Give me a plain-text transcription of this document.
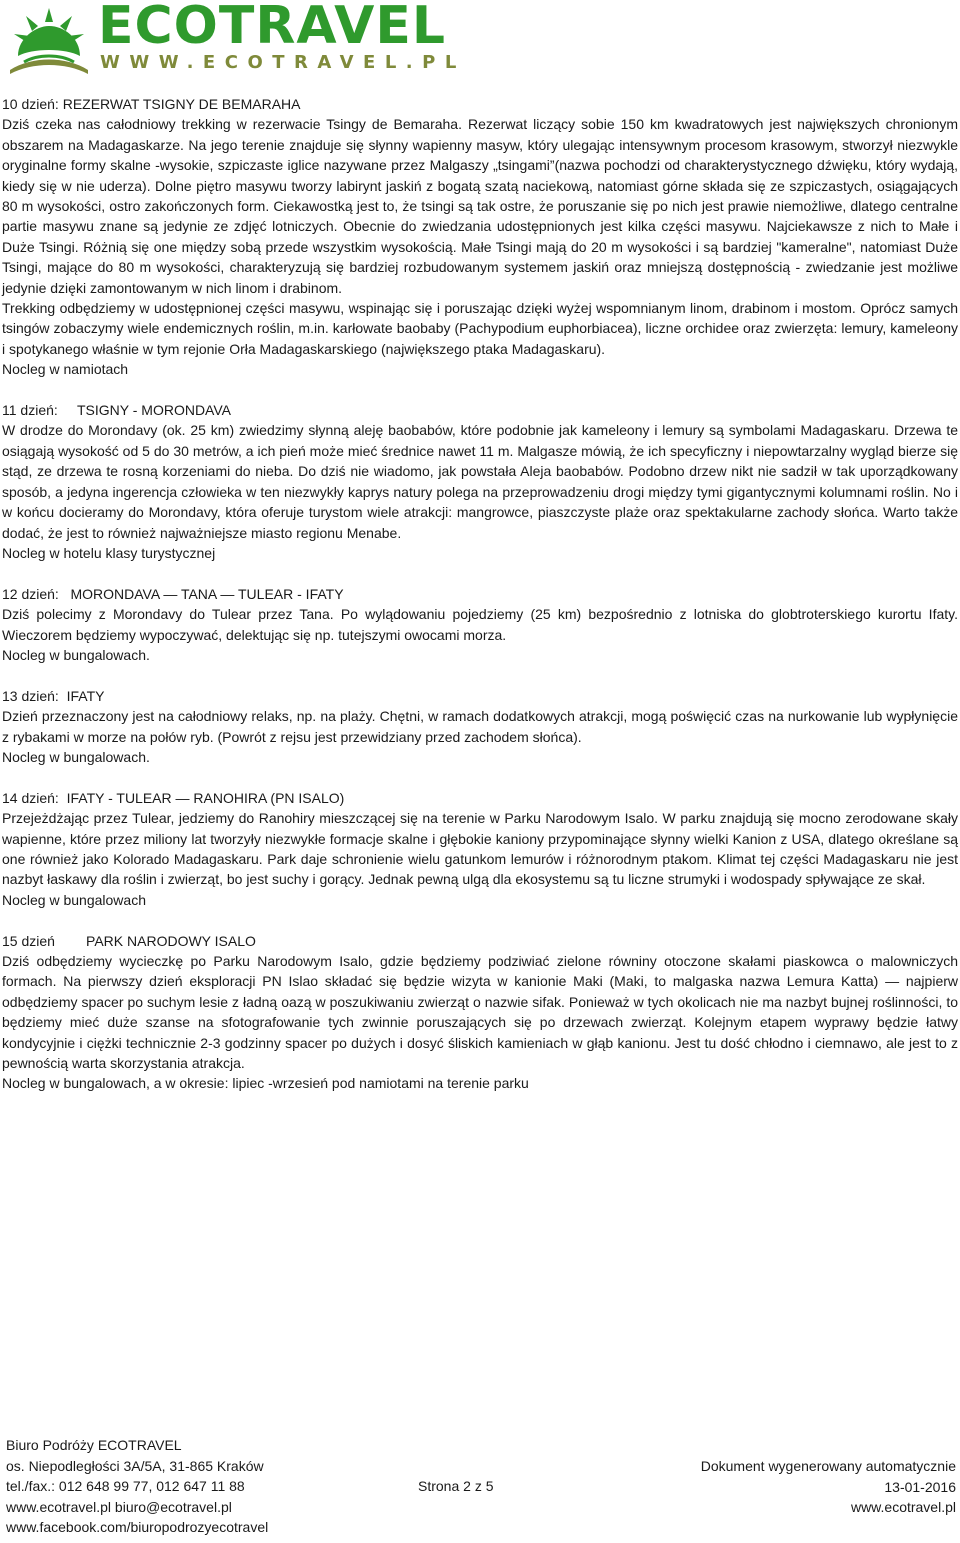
ECOTRAVEL
WWW.ECOTRAVEL.PL

10 dzień: REZERWAT TSIGNY DE BEMARAHA

Dziś czeka nas całodniowy trekking w rezerwacie Tsingy de Bemaraha. Rezerwat liczący sobie 150 km kwadratowych jest największych chronionym obszarem na Madagaskarze. Na jego terenie znajduje się słynny wapienny masyw, który ulegając intensywnym procesom krasowym, stworzył niezwykle oryginalne formy skalne -wysokie, szpiczaste iglice nazywane przez Malgaszy „tsingami”(nazwa pochodzi od charakterystycznego dźwięku, który wydają, kiedy się w nie uderza). Dolne piętro masywu tworzy labirynt jaskiń z bogatą szatą naciekową, natomiast górne składa się ze szpiczastych, osiągających 80 m wysokości, ostro zakończonych form. Ciekawostką jest to, że tsingi są tak ostre, że poruszanie się po nich jest prawie niemożliwe, dlatego centralne partie masywu znane są jedynie ze zdjęć lotniczych. Obecnie do zwiedzania udostępnionych jest kilka części masywu. Najciekawsze z nich to Małe i Duże Tsingi. Różnią się one między sobą przede wszystkim wysokością. Małe Tsingi mają do 20 m wysokości i są bardziej "kameralne", natomiast Duże Tsingi, mające do 80 m wysokości, charakteryzują się bardziej rozbudowanym systemem jaskiń oraz mniejszą dostępnością - zwiedzanie jest możliwe jedynie dzięki zamontowanym w nich linom i drabinom.

Trekking odbędziemy w udostępnionej części masywu, wspinając się i poruszając dzięki wyżej wspomnianym linom, drabinom i mostom. Oprócz samych tsingów zobaczymy wiele endemicznych roślin, m.in. karłowate baobaby (Pachypodium euphorbiacea), liczne orchidee oraz zwierzęta: lemury, kameleony i spotykanego właśnie w tym rejonie Orła Madagaskarskiego (największego ptaka Madagaskaru).

Nocleg w namiotach

11 dzień:     TSIGNY - MORONDAVA

W drodze do Morondavy (ok. 25 km) zwiedzimy słynną aleję baobabów, które podobnie jak kameleony i lemury są symbolami Madagaskaru. Drzewa te osiągają wysokość od 5 do 30 metrów, a ich pień może mieć średnice nawet 11 m. Malgasze mówią, że ich specyficzny i niepowtarzalny wygląd bierze się stąd, ze drzewa te rosną korzeniami do nieba. Do dziś nie wiadomo, jak powstała Aleja baobabów. Podobno drzew nikt nie sadził w tak uporządkowany sposób, a jedyna ingerencja człowieka w ten niezwykły kaprys natury polega na przeprowadzeniu drogi między tymi gigantycznymi kolumnami roślin. No i w końcu docieramy do Morondavy, która oferuje turystom wiele atrakcji: mangrowce, piaszczyste plaże oraz spektakularne zachody słońca. Warto także dodać, że jest to również najważniejsze miasto regionu Menabe.

Nocleg w hotelu klasy turystycznej

12 dzień:   MORONDAVA — TANA — TULEAR - IFATY

Dziś polecimy z Morondavy do Tulear przez Tana. Po wylądowaniu pojedziemy (25 km) bezpośrednio z lotniska do globtroterskiego kurortu Ifaty. Wieczorem będziemy wypoczywać, delektując się np. tutejszymi owocami morza.

Nocleg w bungalowach.

13 dzień:  IFATY

Dzień przeznaczony jest na całodniowy relaks, np. na plaży. Chętni, w ramach dodatkowych atrakcji, mogą poświęcić czas na nurkowanie lub wypłynięcie z rybakami w morze na połów ryb. (Powrót z rejsu jest przewidziany przed zachodem słońca).

Nocleg w bungalowach.

14 dzień:  IFATY - TULEAR — RANOHIRA (PN ISALO)

Przejeżdżając przez Tulear, jedziemy do Ranohiry mieszczącej się na terenie w Parku Narodowym Isalo. W parku znajdują się mocno zerodowane skały wapienne, które przez miliony lat tworzyły niezwykłe formacje skalne i głębokie kaniony przypominające słynny wielki Kanion z USA, dlatego określane są one również jako Kolorado Madagaskaru. Park daje schronienie wielu gatunkom lemurów i różnorodnym ptakom. Klimat tej części Madagaskaru nie jest nazbyt łaskawy dla roślin i zwierząt, bo jest suchy i gorący. Jednak pewną ulgą dla ekosystemu są tu liczne strumyki i wodospady spływające ze skał.

Nocleg w bungalowach

15 dzień        PARK NARODOWY ISALO

Dziś odbędziemy wycieczkę po Parku Narodowym Isalo, gdzie będziemy podziwiać zielone równiny otoczone skałami piaskowca o malowniczych formach. Na pierwszy dzień eksploracji PN Islao składać się będzie wizyta w kanionie Maki (Maki, to malgaska nazwa Lemura Katta) — najpierw odbędziemy spacer po suchym lesie z ładną oazą w poszukiwaniu zwierząt o nazwie sifak. Ponieważ w tych okolicach nie ma nazbyt bujnej roślinności, to będziemy mieć duże szanse na sfotografowanie tych zwinnie poruszających się po drzewach zwierząt. Kolejnym etapem wyprawy będzie łatwy kondycyjnie i ciężki technicznie 2-3 godzinny spacer po dużych i dosyć śliskich kamieniach w głąb kanionu. Jest tu dość chłodno i ciemnawo, ale jest to z pewnością warta skorzystania atrakcja.

Nocleg w bungalowach, a w okresie: lipiec -wrzesień pod namiotami na terenie parku

Biuro Podróży ECOTRAVEL
os. Niepodległości 3A/5A, 31-865 Kraków
tel./fax.: 012 648 99 77, 012 647 11 88
www.ecotravel.pl biuro@ecotravel.pl
www.facebook.com/biuropodrozyecotravel
Strona 2 z 5
Dokument wygenerowany automatycznie
13-01-2016
www.ecotravel.pl
